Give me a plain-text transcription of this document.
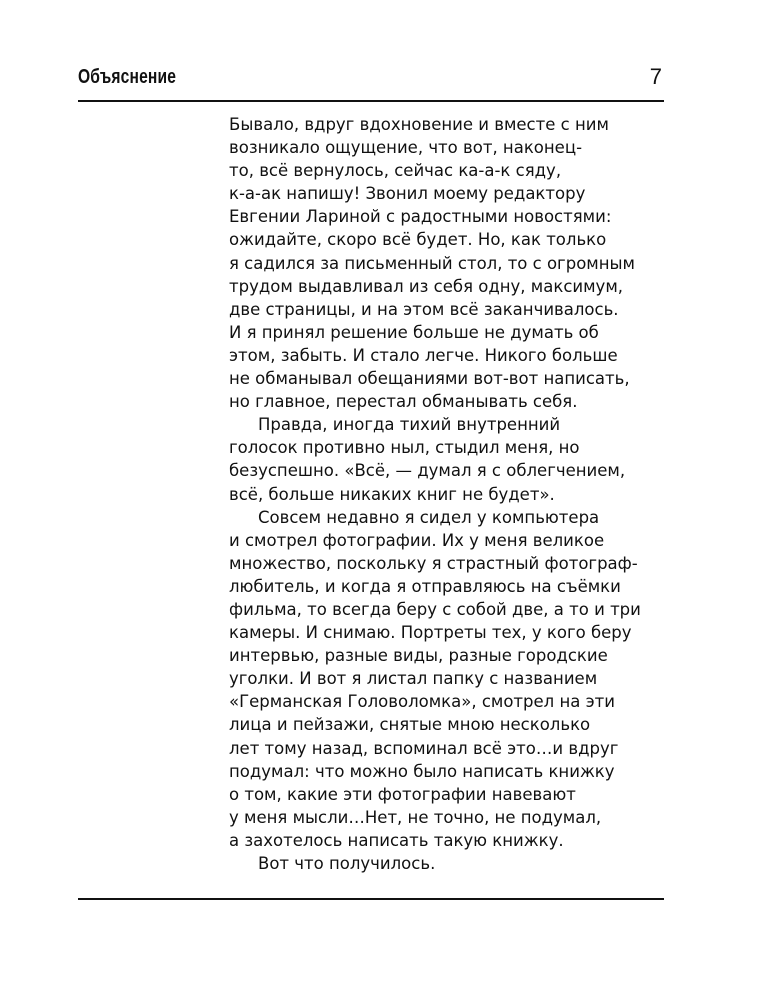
Объяснение	7
Бывало, вдруг вдохновение и вместе с ним
возникало ощущение, что вот, наконец-
то, всё вернулось, сейчас ка-а-к сяду,
к-а-ак напишу! Звонил моему редактору
Евгении Лариной с радостными новостями:
ожидайте, скоро всё будет. Но, как только
я садился за письменный стол, то с огромным
трудом выдавливал из себя одну, максимум,
две страницы, и на этом всё заканчивалось.
И я принял решение больше не думать об
этом, забыть. И стало легче. Никого больше
не обманывал обещаниями вот-вот написать,
но главное, перестал обманывать себя.
Правда, иногда тихий внутренний
голосок противно ныл, стыдил меня, но
безуспешно. «Всё, — думал я с облегчением,
всё, больше никаких книг не будет».
Совсем недавно я сидел у компьютера
и смотрел фотографии. Их у меня великое
множество, поскольку я страстный фотограф-
любитель, и когда я отправляюсь на съёмки
фильма, то всегда беру с собой две, а то и три
камеры. И снимаю. Портреты тех, у кого беру
интервью, разные виды, разные городские
уголки. И вот я листал папку с названием
«Германская Головоломка», смотрел на эти
лица и пейзажи, снятые мною несколько
лет тому назад, вспоминал всё это…и вдруг
подумал: что можно было написать книжку
о том, какие эти фотографии навевают
у меня мысли…Нет, не точно, не подумал,
а захотелось написать такую книжку.
Вот что получилось.
